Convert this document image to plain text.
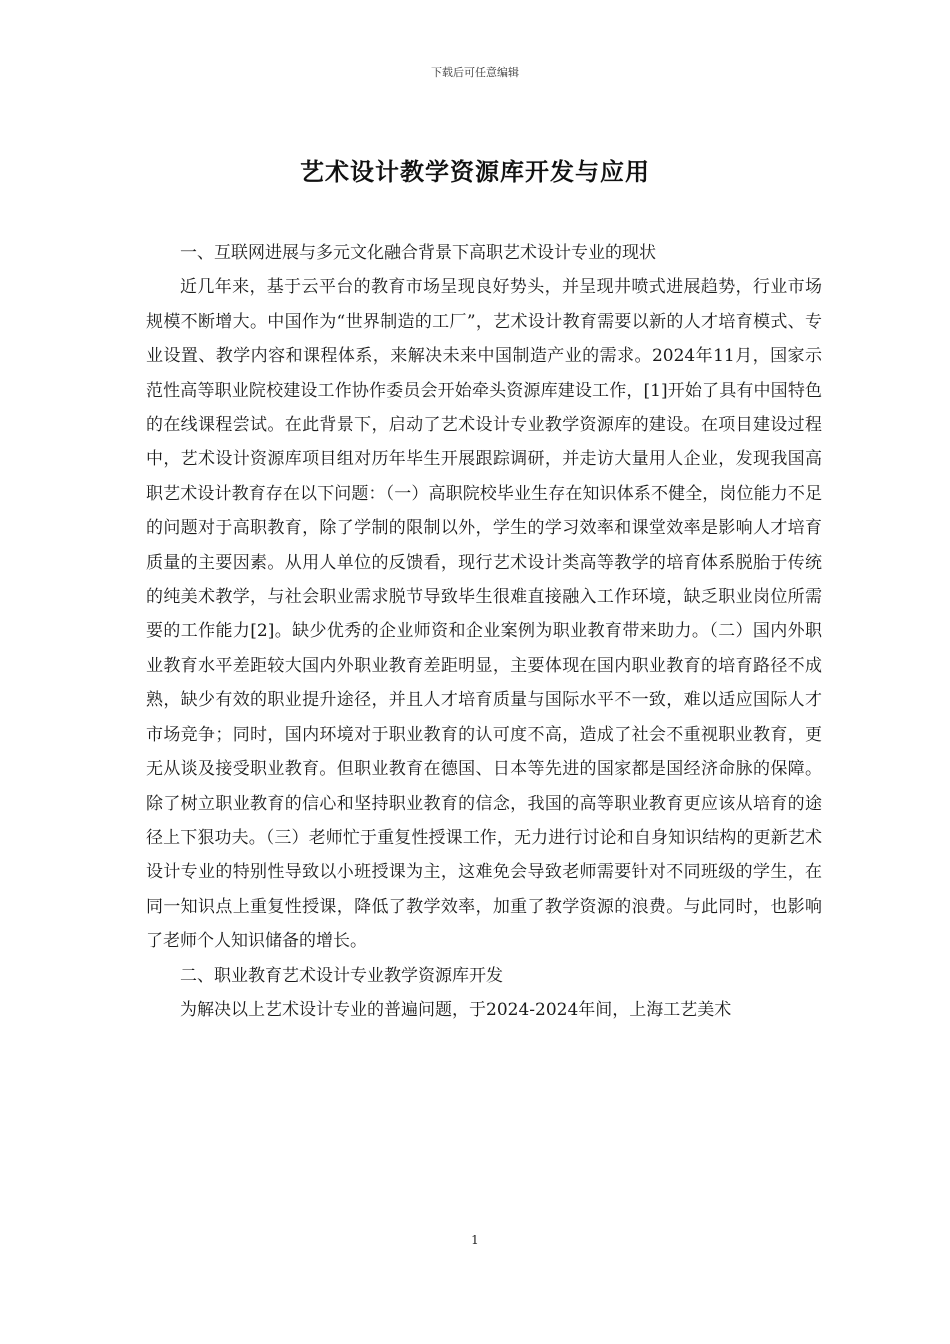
下载后可任意编辑
艺术设计教学资源库开发与应用

一、互联网进展与多元文化融合背景下高职艺术设计专业的现状

近几年来，基于云平台的教育市场呈现良好势头，并呈现井喷式进展趋势，行业市场规模不断增大。中国作为“世界制造的工厂”，艺术设计教育需要以新的人才培育模式、专业设置、教学内容和课程体系，来解决未来中国制造产业的需求。2024年11月，国家示范性高等职业院校建设工作协作委员会开始牵头资源库建设工作，[1]开始了具有中国特色的在线课程尝试。在此背景下，启动了艺术设计专业教学资源库的建设。在项目建设过程中，艺术设计资源库项目组对历年毕生开展跟踪调研，并走访大量用人企业，发现我国高职艺术设计教育存在以下问题：（一）高职院校毕业生存在知识体系不健全，岗位能力不足的问题对于高职教育，除了学制的限制以外，学生的学习效率和课堂效率是影响人才培育质量的主要因素。从用人单位的反馈看，现行艺术设计类高等教学的培育体系脱胎于传统的纯美术教学，与社会职业需求脱节导致毕生很难直接融入工作环境，缺乏职业岗位所需要的工作能力[2]。缺少优秀的企业师资和企业案例为职业教育带来助力。（二）国内外职业教育水平差距较大国内外职业教育差距明显，主要体现在国内职业教育的培育路径不成熟，缺少有效的职业提升途径，并且人才培育质量与国际水平不一致，难以适应国际人才市场竞争；同时，国内环境对于职业教育的认可度不高，造成了社会不重视职业教育，更无从谈及接受职业教育。但职业教育在德国、日本等先进的国家都是国经济命脉的保障。除了树立职业教育的信心和坚持职业教育的信念，我国的高等职业教育更应该从培育的途径上下狠功夫。（三）老师忙于重复性授课工作，无力进行讨论和自身知识结构的更新艺术设计专业的特别性导致以小班授课为主，这难免会导致老师需要针对不同班级的学生，在同一知识点上重复性授课，降低了教学效率，加重了教学资源的浪费。与此同时，也影响了老师个人知识储备的增长。

二、职业教育艺术设计专业教学资源库开发

为解决以上艺术设计专业的普遍问题，于2024-2024年间，上海工艺美术

1
